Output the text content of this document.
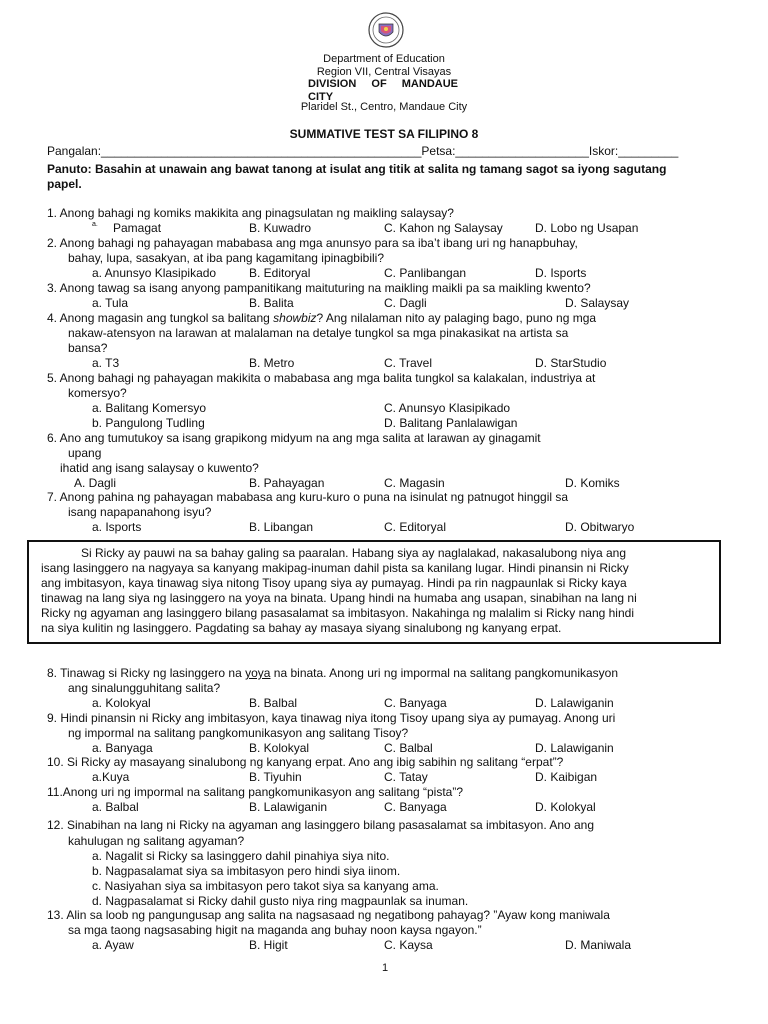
Department of Education
Region VII, Central Visayas
DIVISION OF MANDAUE
CITY
Plaridel St., Centro, Mandaue City
SUMMATIVE TEST SA FILIPINO 8
Pangalan:________________________________________________Petsa:____________________Iskor:_________
Panuto: Basahin at unawain ang bawat tanong at isulat ang titik at salita ng tamang sagot sa iyong sagutang
papel.
1. Anong bahagi ng komiks makikita ang pinagsulatan ng maikling salaysay?
a. Pamagat	B. Kuwadro	C. Kahon ng Salaysay	D. Lobo ng Usapan
2. Anong bahagi ng pahayagan mababasa ang mga anunsyo para sa iba’t ibang uri ng hanapbuhay,
bahay, lupa, sasakyan, at iba pang kagamitang ipinagbibili?
a. Anunsyo Klasipikado	B. Editoryal	C. Panlibangan	D. Isports
3. Anong tawag sa isang anyong pampanitikang maituturing na maikling maikli pa sa maikling kwento?
a. Tula	B. Balita	C. Dagli	D. Salaysay
4. Anong magasin ang tungkol sa balitang showbiz? Ang nilalaman nito ay palaging bago, puno ng mga
nakaw-atensyon na larawan at malalaman na detalye tungkol sa mga pinakasikat na artista sa
bansa?
a. T3	B. Metro	C. Travel	D. StarStudio
5. Anong bahagi ng pahayagan makikita o mababasa ang mga balita tungkol sa kalakalan, industriya at
komersyo?
a. Balitang Komersyo	C. Anunsyo Klasipikado
b. Pangulong Tudling	D. Balitang Panlalawigan
6. Ano ang tumutukoy sa isang grapikong midyum na ang mga salita at larawan ay ginagamit
upang
ihatid ang isang salaysay o kuwento?
A. Dagli	B. Pahayagan	C. Magasin	D. Komiks
7. Anong pahina ng pahayagan mababasa ang kuru-kuro o puna na isinulat ng patnugot hinggil sa
isang napapanahong isyu?
a. Isports	B. Libangan	C. Editoryal	D. Obitwaryo
Si Ricky ay pauwi na sa bahay galing sa paaralan. Habang siya ay naglalakad, nakasalubong niya ang
isang lasinggero na nagyaya sa kanyang makipag-inuman dahil pista sa kanilang lugar. Hindi pinansin ni Ricky
ang imbitasyon, kaya tinawag siya nitong Tisoy upang siya ay pumayag. Hindi pa rin nagpaunlak si Ricky kaya
tinawag na lang siya ng lasinggero na yoya na binata. Upang hindi na humaba ang usapan, sinabihan na lang ni
Ricky ng agyaman ang lasinggero bilang pasasalamat sa imbitasyon. Nakahinga ng malalim si Ricky nang hindi
na siya kulitin ng lasinggero. Pagdating sa bahay ay masaya siyang sinalubong ng kanyang erpat.
8. Tinawag si Ricky ng lasinggero na yoya na binata. Anong uri ng impormal na salitang pangkomunikasyon
ang sinalungguhitang salita?
a. Kolokyal	B. Balbal	C. Banyaga	D. Lalawiganin
9. Hindi pinansin ni Ricky ang imbitasyon, kaya tinawag niya itong Tisoy upang siya ay pumayag. Anong uri
ng impormal na salitang pangkomunikasyon ang salitang Tisoy?
a. Banyaga	B. Kolokyal	C. Balbal	D. Lalawiganin
10. Si Ricky ay masayang sinalubong ng kanyang erpat. Ano ang ibig sabihin ng salitang “erpat”?
a.Kuya	B. Tiyuhin	C. Tatay	D. Kaibigan
11.Anong uri ng impormal na salitang pangkomunikasyon ang salitang “pista”?
a. Balbal	B. Lalawiganin	C. Banyaga	D. Kolokyal
12. Sinabihan na lang ni Ricky na agyaman ang lasinggero bilang pasasalamat sa imbitasyon. Ano ang
kahulugan ng salitang agyaman?
a. Nagalit si Ricky sa lasinggero dahil pinahiya siya nito.
b. Nagpasalamat siya sa imbitasyon pero hindi siya iinom.
c. Nasiyahan siya sa imbitasyon pero takot siya sa kanyang ama.
d. Nagpasalamat si Ricky dahil gusto niya ring magpaunlak sa inuman.
13. Alin sa loob ng pangungusap ang salita na nagsasaad ng negatibong pahayag? ”Ayaw kong maniwala
sa mga taong nagsasabing higit na maganda ang buhay noon kaysa ngayon.”
a. Ayaw	B. Higit	C. Kaysa	D. Maniwala
1
